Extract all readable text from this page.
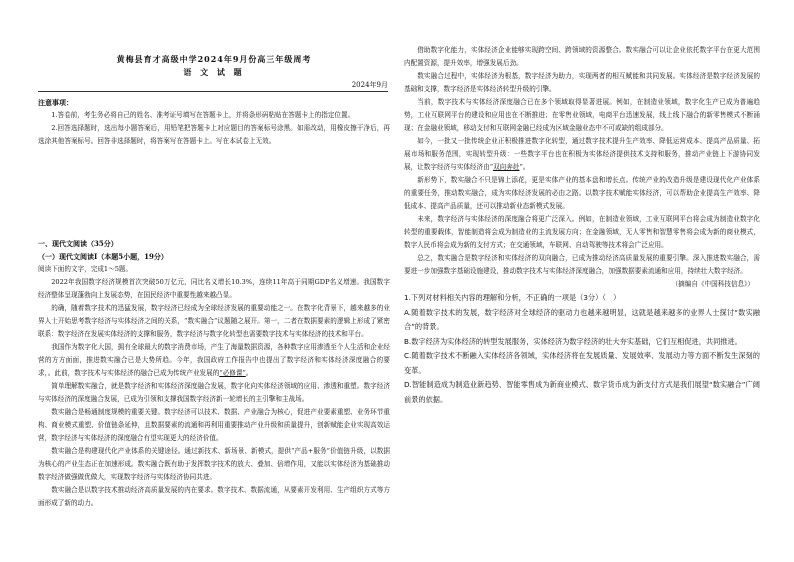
黄梅县育才高级中学2024年9月份高三年级周考
语 文 试 题
2024年9月

注意事项：

1.答卷前，考生务必将自己的姓名、准考证号填写在答题卡上，并将条形码粘贴在答题卡上的指定位置。

2.回答选择题时，选出每小题答案后，用铅笔把答题卡上对应题目的答案标号涂黑。如需改动，用橡皮擦干净后，再选涂其他答案标号。回答非选择题时，将答案写在答题卡上。写在本试卷上无效。

一、现代文阅读（35分）

（一）现代文阅读Ⅰ（本题5小题，19分）

阅读下面的文字，完成1～5题。

2022年我国数字经济规模首次突破50万亿元，同比名义增长10.3%，连续11年高于同期GDP名义增速。我国数字经济整体呈现蓬勃向上发展态势，在国民经济中重要性越来越凸显。

的确，随着数字技术的迅猛发展，数字经济已经成为全球经济发展的重要动能之一。在数字化背景下，越来越多的业界人士开始思考数字经济与实体经济之间的关系，“数实融合”议题随之展开。第一，二者在数据要素的逻辑上形成了紧密联系：数字经济在发展实体经济的支撑和服务，数字经济与数字化转型也需要数字技术与实体经济的技术和平台。

我国作为数字化大国，拥有全球最大的数字消费市场，产生了海量数据资源，各种数字应用渗透至个人生活和企业经营的方方面面，推进数实融合已是大势所趋。今年，我国政府工作报告中也提出了数字经济和实体经济深度融合的要求，。此前，数字技术与实体经济的融合已成为传统产业发展的“必修课”。

简单理解数实融合，就是数字经济和实体经济深度融合发展，数字化向实体经济领域的应用、渗透和重塑。数字经济与实体经济的深度融合发展，已成为引领和支撑我国数字经济新一轮增长的主引擎和主战场。

数实融合是畅通制度规模的重要关键。数字经济可以技术、数据、产业融合为核心，促进产业要素重塑、业务环节重构、商业模式重塑、价值链条延伸，且数据要素的流通和再利用重要推动产业升级和质量提升，创新赋能企业实现高效运营，数字经济与实体经济的深度融合有望实现更大的经济价值。

数实融合是构建现代化产业体系的关键途径。通过新技术、新场景、新模式，提供“产品+服务”价值链升级，以数据为核心的产业生态正在加速形成。数实融合既有助于发挥数字技术的放大、叠加、倍增作用，又能以实体经济为基础推动数字经济做强做优做大，实现数字经济与实体经济协同共进。

数实融合是以数字技术推动经济高质量发展的内在要求。数字技术、数据流通，从要素开发利用、生产组织方式等方面形成了新的动力。

借助数字化能力，实体经济企业能够实现跨空间、跨领域的资源整合。数实融合可以让企业依托数字平台在更大范围内配置资源，提升效率，增强发展后劲。

数实融合过程中，实体经济为根基，数字经济为助力，实现两者的相互赋能和共同发展。实体经济是数字经济发展的基础和支撑，数字经济是实体经济转型升级的引擎。

当前，数字技术与实体经济深度融合已在多个领域取得显著进展。例如，在制造业领域，数字化生产已成为普遍趋势，工业互联网平台的建设和应用也在不断推进；在零售业领域，电商平台迅速发展，线上线下融合的新零售模式不断涌现；在金融业领域，移动支付和互联网金融已经成为区域金融业态中不可或缺的组成部分。

如今，一批又一批传统企业正积极推进数字化转型，通过数字技术提升生产效率、降低运营成本、提高产品质量、拓展市场和服务范围，实现转型升级：一些数字平台也在积极为实体经济提供技术支持和服务，推动产业链上下游协同发展，让数字经济与实体经济由“双向奔赴”。

新形势下，数实融合不只是锦上添花，更是实体产业的基本盘和增长点。传统产业的改造升级是建设现代化产业体系的重要任务，推动数实融合，成为实体经济发展的必由之路。以数字技术赋能实体经济，可以帮助企业提高生产效率、降低成本、提高产品质量，还可以推动新业态新模式发展。

未来，数字经济与实体经济的深度融合将更广泛深入。例如，在制造业领域，工业互联网平台将会成为制造业数字化转型的重要载体，智能制造将会成为制造业的主流发展方向；在金融领域，无人零售和智慧零售将会成为新的商业模式，数字人民币将会成为新的支付方式；在交通领域，车联网、自动驾驶等技术将会广泛应用。

总之，数实融合是数字经济和实体经济的双向融合，已成为推动经济高质量发展的重要引擎。深入推进数实融合，需要进一步加强数字基础设施建设，推动数字技术与实体经济深度融合，加强数据要素流通和应用，持续壮大数字经济。

（摘编自《中国科技信息》）

1.下列对材料相关内容的理解和分析，不正确的一项是（3分）（　）

A.随着数字技术的发展，数字经济对全球经济的驱动力也越来越明显，这就是越来越多的业界人士探讨“数实融合”的背景。

B.数字经济为实体经济的转型发展服务，实体经济为数字经济的壮大夯实基础，它们互相促进，共同推进。

C.随着数字技术不断融入实体经济各领域，实体经济将在发展质量、发展效率、发展动力等方面不断发生深刻的变革。

D.智能制造成为制造业新趋势、智能零售成为新商业模式、数字货币成为新支付方式是我们展望“数实融合”广阔前景的依据。
